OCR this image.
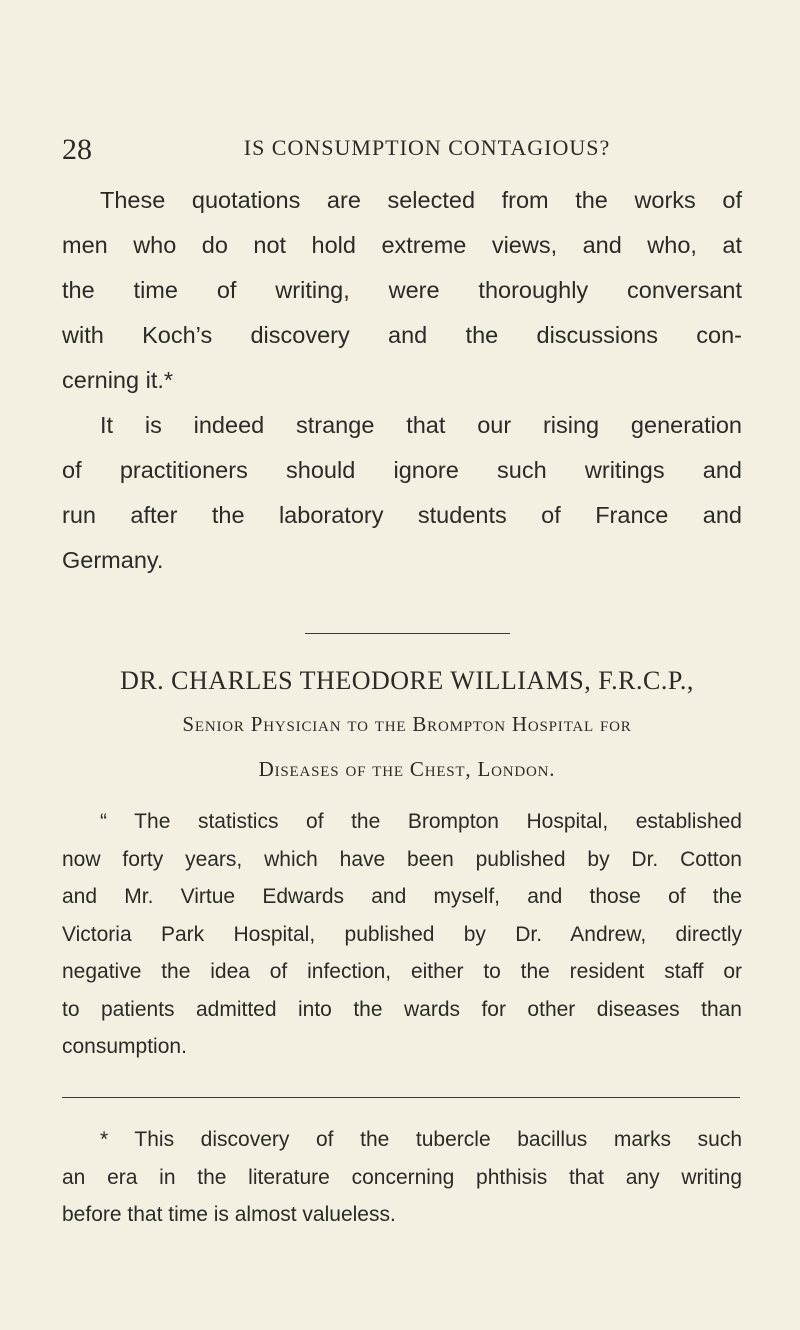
28	IS CONSUMPTION CONTAGIOUS?
These quotations are selected from the works of
men who do not hold extreme views, and who, at
the time of writing, were thoroughly conversant
with Koch’s discovery and the discussions con-
cerning it.*
It is indeed strange that our rising generation
of practitioners should ignore such writings and
run after the laboratory students of France and
Germany.
DR. CHARLES THEODORE WILLIAMS, F.R.C.P.,
Senior Physician to the Brompton Hospital for
Diseases of the Chest, London.
“ The statistics of the Brompton Hospital, established
now forty years, which have been published by Dr. Cotton
and Mr. Virtue Edwards and myself, and those of the
Victoria Park Hospital, published by Dr. Andrew, directly
negative the idea of infection, either to the resident staff or
to patients admitted into the wards for other diseases than
consumption.
* This discovery of the tubercle bacillus marks such
an era in the literature concerning phthisis that any writing
before that time is almost valueless.
